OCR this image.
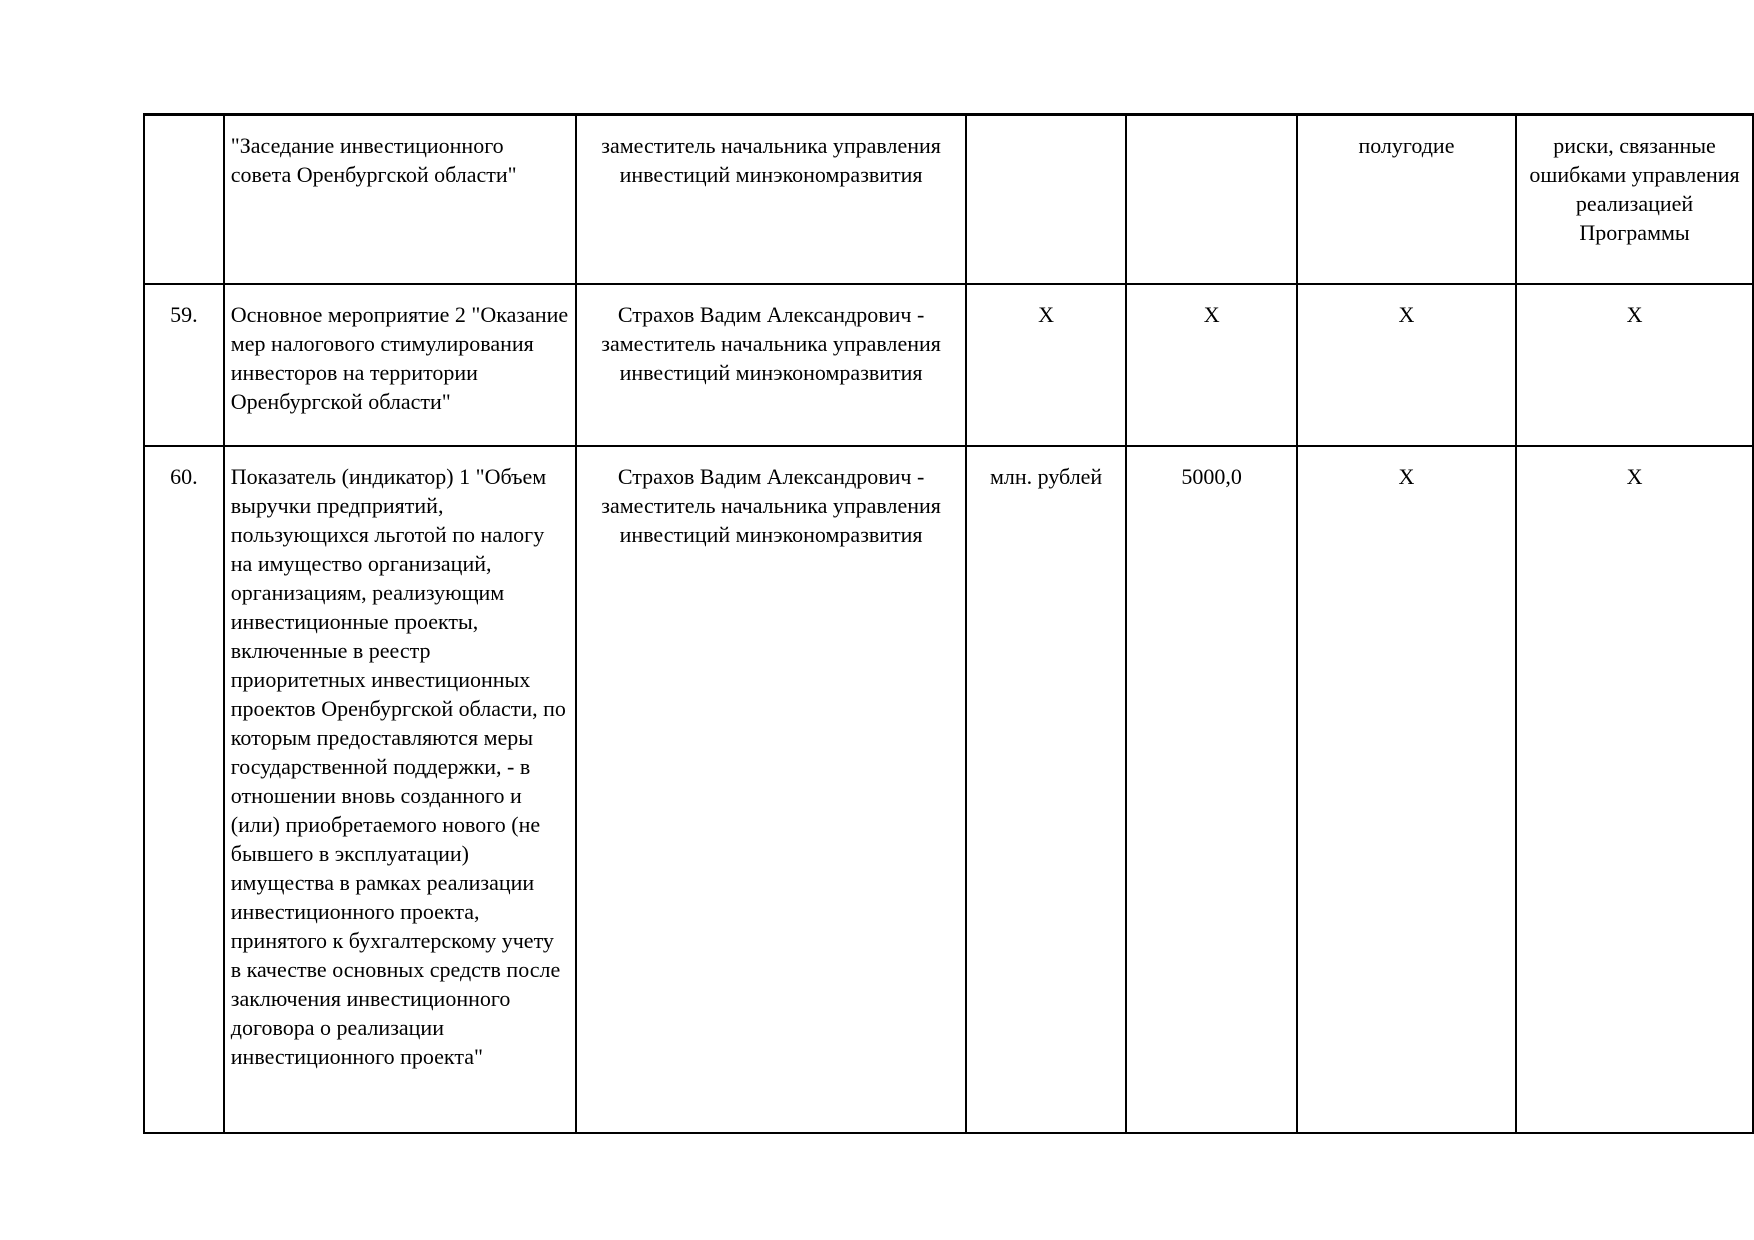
	"Заседание инвестиционного совета Оренбургской области"	заместитель начальника управления инвестиций минэкономразвития			полугодие	риски, связанные ошибками управления реализацией Программы
59.	Основное мероприятие 2 "Оказание мер налогового стимулирования инвесторов на территории Оренбургской области"	Страхов Вадим Александрович - заместитель начальника управления инвестиций минэкономразвития	X	X	X	X
60.	Показатель (индикатор) 1 "Объем выручки предприятий, пользующихся льготой по налогу на имущество организаций, организациям, реализующим инвестиционные проекты, включенные в реестр приоритетных инвестиционных проектов Оренбургской области, по которым предоставляются меры государственной поддержки, - в отношении вновь созданного и (или) приобретаемого нового (не бывшего в эксплуатации) имущества в рамках реализации инвестиционного проекта, принятого к бухгалтерскому учету в качестве основных средств после заключения инвестиционного договора о реализации инвестиционного проекта"	Страхов Вадим Александрович - заместитель начальника управления инвестиций минэкономразвития	млн. рублей	5000,0	X	X
